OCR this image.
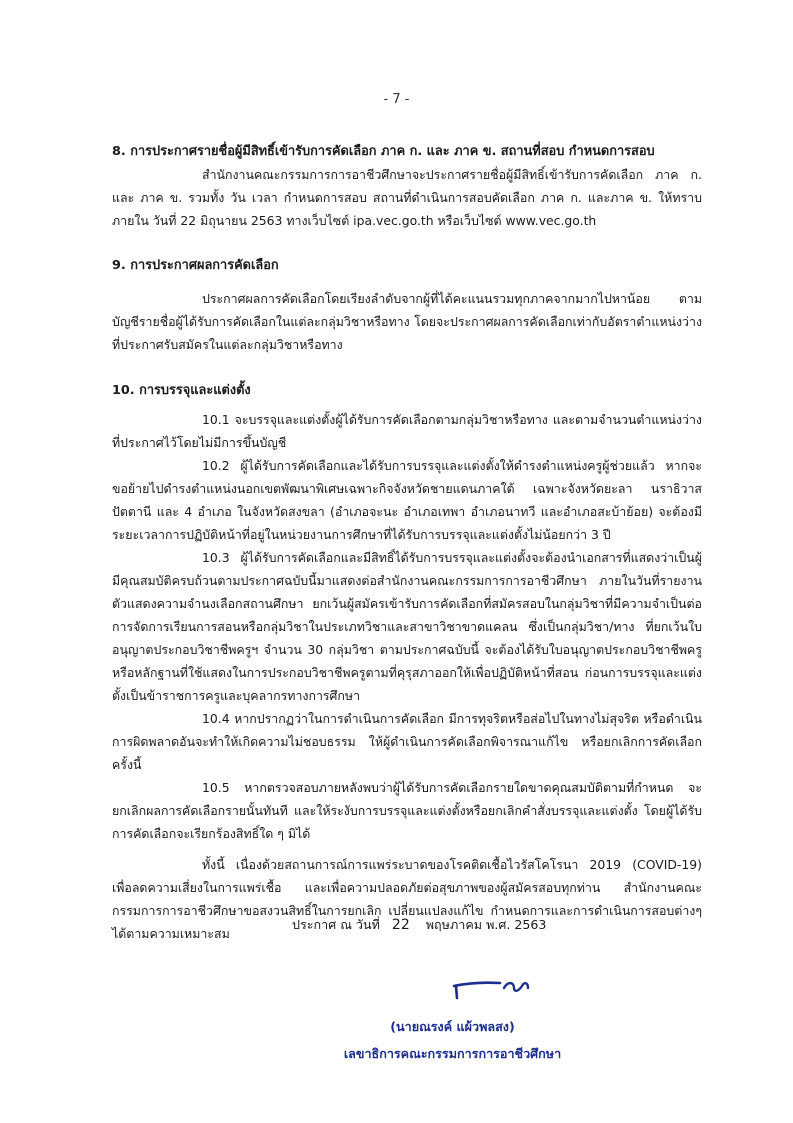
- 7 -

8. การประกาศรายชื่อผู้มีสิทธิ์เข้ารับการคัดเลือก ภาค ก. และ ภาค ข. สถานที่สอบ กำหนดการสอบ

สำนักงานคณะกรรมการการอาชีวศึกษาจะประกาศรายชื่อผู้มีสิทธิ์เข้ารับการคัดเลือก ภาค ก. และ ภาค ข. รวมทั้ง วัน เวลา กำหนดการสอบ สถานที่ดำเนินการสอบคัดเลือก ภาค ก. และภาค ข. ให้ทราบภายใน วันที่ 22 มิถุนายน 2563 ทางเว็บไซต์ ipa.vec.go.th หรือเว็บไซต์ www.vec.go.th

9. การประกาศผลการคัดเลือก

ประกาศผลการคัดเลือกโดยเรียงลำดับจากผู้ที่ได้คะแนนรวมทุกภาคจากมากไปหาน้อย ตามบัญชีรายชื่อผู้ได้รับการคัดเลือกในแต่ละกลุ่มวิชาหรือทาง โดยจะประกาศผลการคัดเลือกเท่ากับอัตราตำแหน่งว่างที่ประกาศรับสมัครในแต่ละกลุ่มวิชาหรือทาง

10. การบรรจุและแต่งตั้ง

10.1 จะบรรจุและแต่งตั้งผู้ได้รับการคัดเลือกตามกลุ่มวิชาหรือทาง และตามจำนวนตำแหน่งว่างที่ประกาศไว้โดยไม่มีการขึ้นบัญชี

10.2 ผู้ได้รับการคัดเลือกและได้รับการบรรจุและแต่งตั้งให้ดำรงตำแหน่งครูผู้ช่วยแล้ว หากจะขอย้ายไปดำรงตำแหน่งนอกเขตพัฒนาพิเศษเฉพาะกิจจังหวัดชายแดนภาคใต้ เฉพาะจังหวัดยะลา นราธิวาส ปัตตานี และ 4 อำเภอ ในจังหวัดสงขลา (อำเภอจะนะ อำเภอเทพา อำเภอนาทวี และอำเภอสะบ้าย้อย) จะต้องมีระยะเวลาการปฏิบัติหน้าที่อยู่ในหน่วยงานการศึกษาที่ได้รับการบรรจุและแต่งตั้งไม่น้อยกว่า 3 ปี

10.3 ผู้ได้รับการคัดเลือกและมีสิทธิ์ได้รับการบรรจุและแต่งตั้งจะต้องนำเอกสารที่แสดงว่าเป็นผู้มีคุณสมบัติครบถ้วนตามประกาศฉบับนี้มาแสดงต่อสำนักงานคณะกรรมการการอาชีวศึกษา ภายในวันที่รายงานตัวแสดงความจำนงเลือกสถานศึกษา ยกเว้นผู้สมัครเข้ารับการคัดเลือกที่สมัครสอบในกลุ่มวิชาที่มีความจำเป็นต่อการจัดการเรียนการสอนหรือกลุ่มวิชาในประเภทวิชาและสาขาวิชาขาดแคลน ซึ่งเป็นกลุ่มวิชา/ทาง ที่ยกเว้นใบอนุญาตประกอบวิชาชีพครูฯ จำนวน 30 กลุ่มวิชา ตามประกาศฉบับนี้ จะต้องได้รับใบอนุญาตประกอบวิชาชีพครู หรือหลักฐานที่ใช้แสดงในการประกอบวิชาชีพครูตามที่คุรุสภาออกให้เพื่อปฏิบัติหน้าที่สอน ก่อนการบรรจุและแต่งตั้งเป็นข้าราชการครูและบุคลากรทางการศึกษา

10.4 หากปรากฏว่าในการดำเนินการคัดเลือก มีการทุจริตหรือส่อไปในทางไม่สุจริต หรือดำเนินการผิดพลาดอันจะทำให้เกิดความไม่ชอบธรรม ให้ผู้ดำเนินการคัดเลือกพิจารณาแก้ไข หรือยกเลิกการคัดเลือกครั้งนี้

10.5 หากตรวจสอบภายหลังพบว่าผู้ได้รับการคัดเลือกรายใดขาดคุณสมบัติตามที่กำหนด จะยกเลิกผลการคัดเลือกรายนั้นทันที และให้ระงับการบรรจุและแต่งตั้งหรือยกเลิกคำสั่งบรรจุและแต่งตั้ง โดยผู้ได้รับการคัดเลือกจะเรียกร้องสิทธิ์ใด ๆ มิได้

ทั้งนี้ เนื่องด้วยสถานการณ์การแพร่ระบาดของโรคติดเชื้อไวรัสโคโรนา 2019 (COVID-19) เพื่อลดความเสี่ยงในการแพร่เชื้อ และเพื่อความปลอดภัยต่อสุขภาพของผู้สมัครสอบทุกท่าน สำนักงานคณะกรรมการการอาชีวศึกษาขอสงวนสิทธิ์ในการยกเลิก เปลี่ยนแปลงแก้ไข กำหนดการและการดำเนินการสอบต่างๆ ได้ตามความเหมาะสม

ประกาศ ณ วันที่ 22 พฤษภาคม พ.ศ. 2563
(นายณรงค์ แผ้วพลสง)
เลขาธิการคณะกรรมการการอาชีวศึกษา
